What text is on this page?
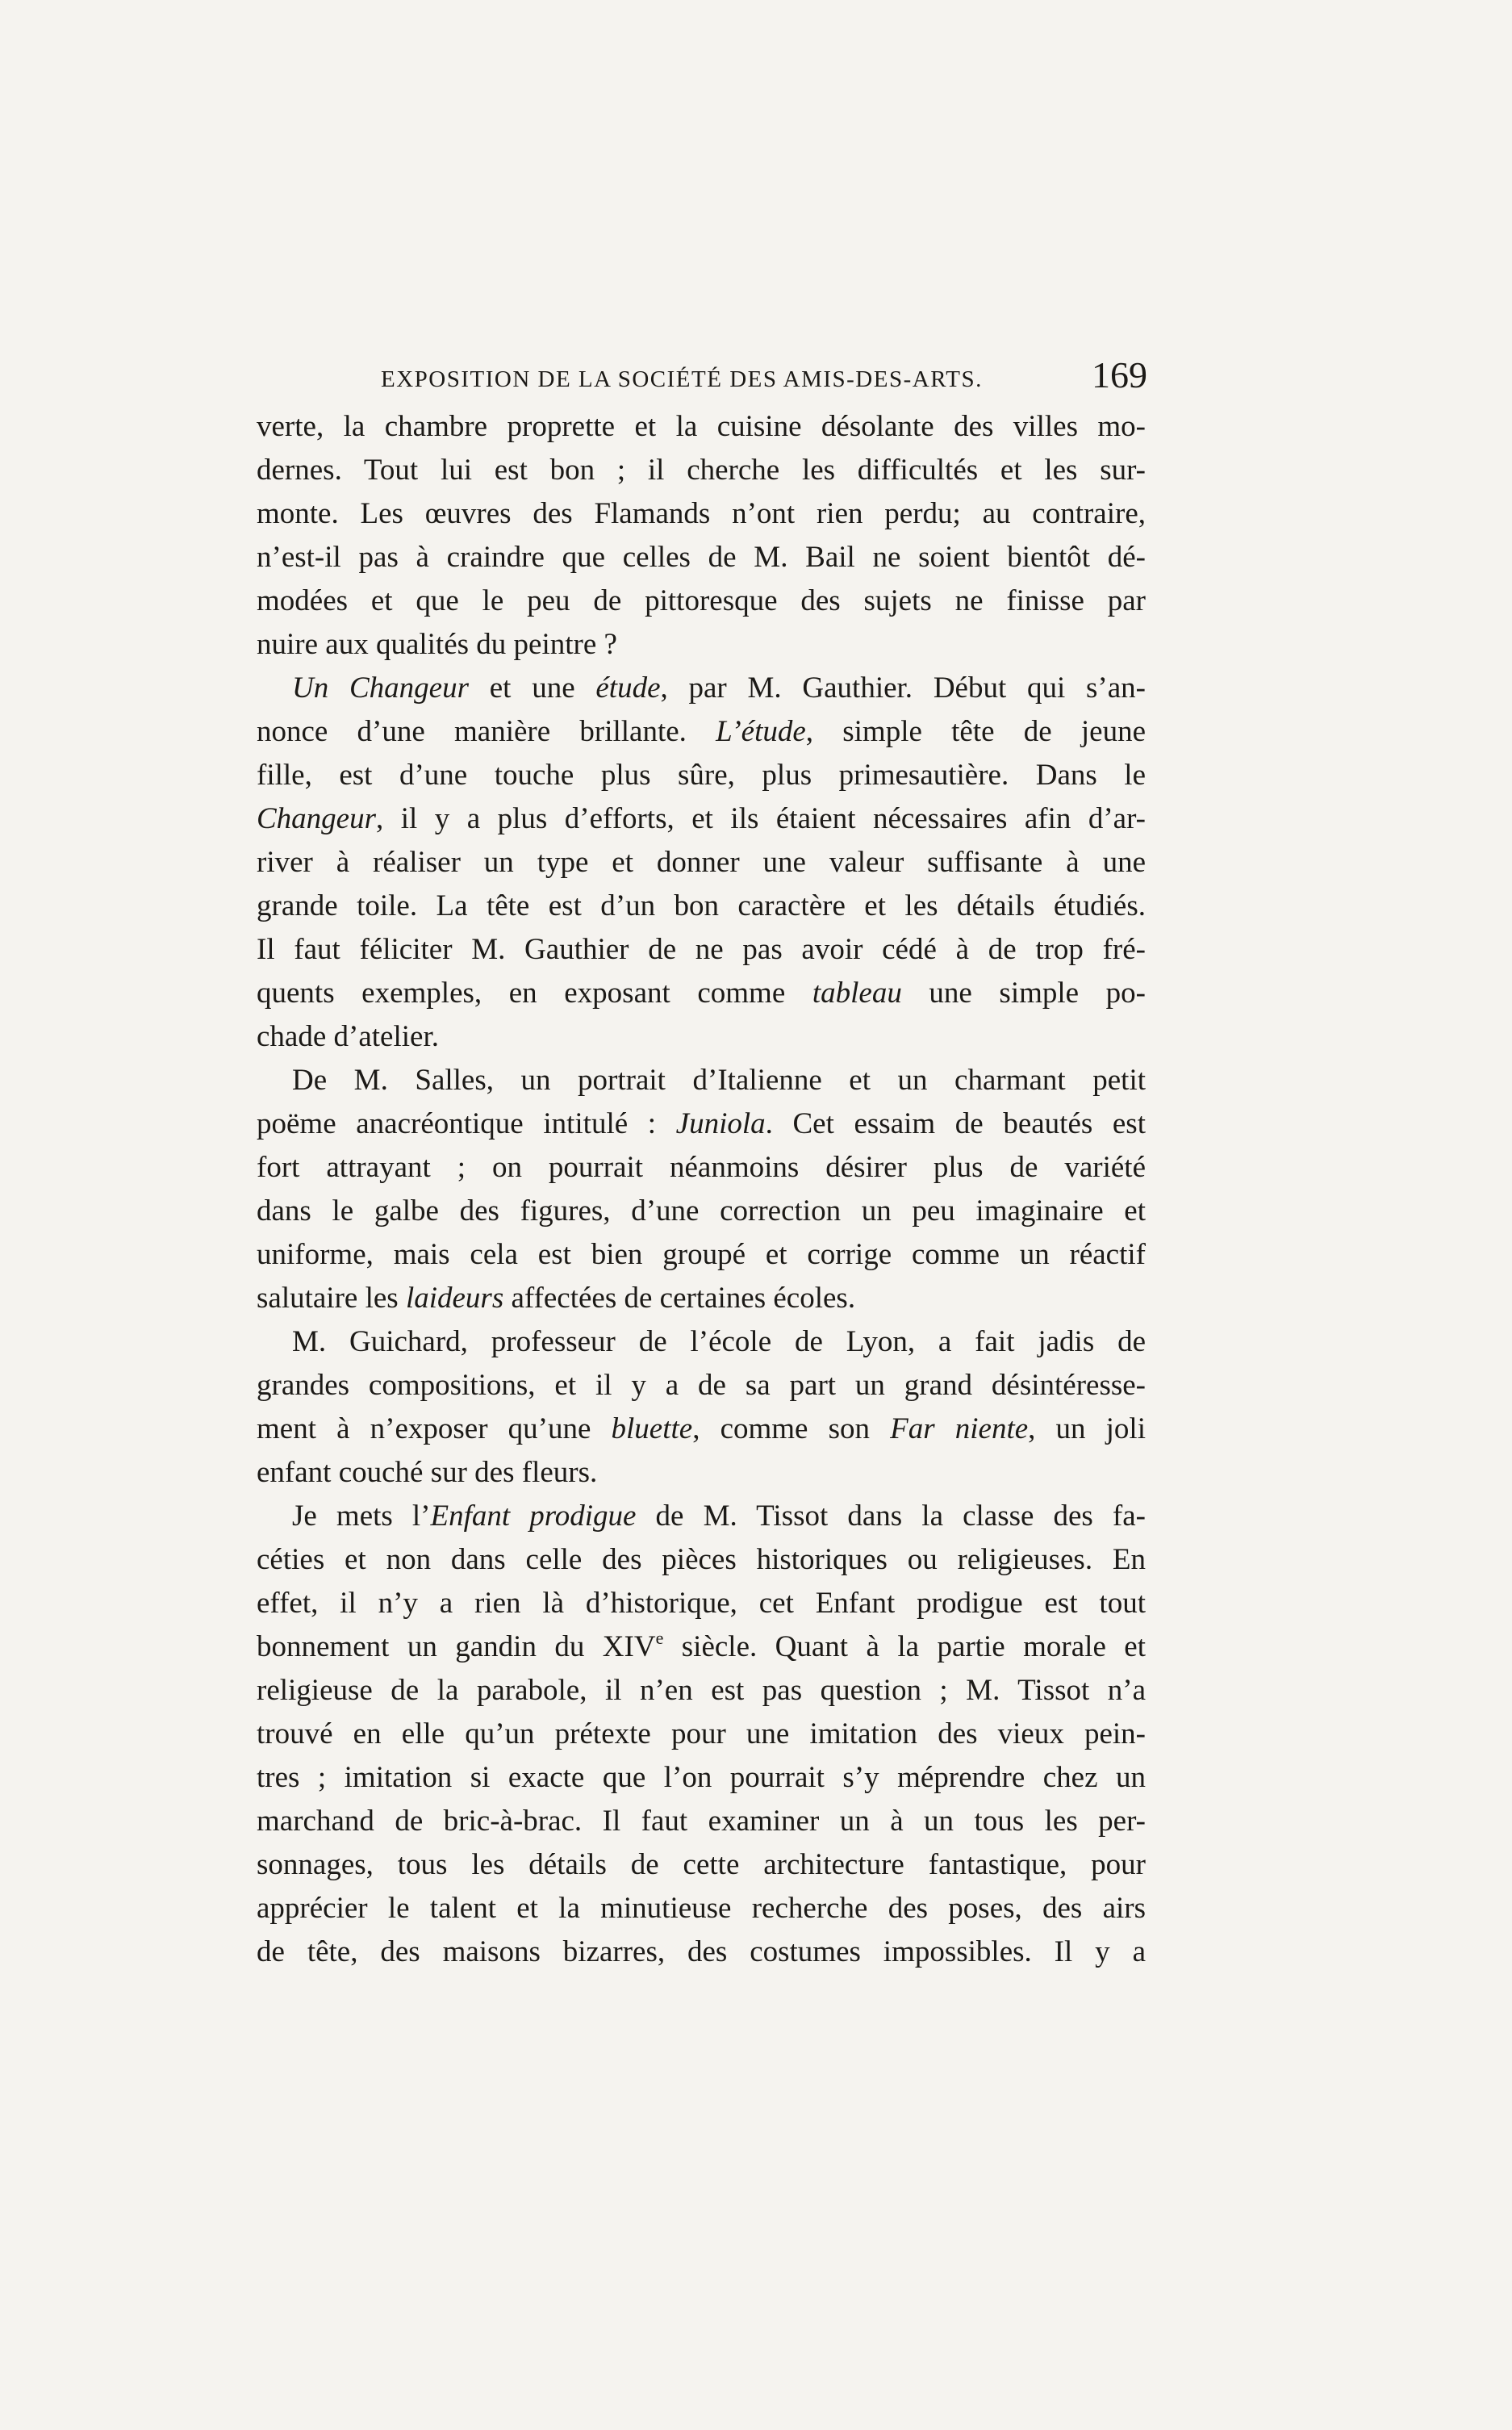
EXPOSITION DE LA SOCIÉTÉ DES AMIS-DES-ARTS.	169
verte, la chambre proprette et la cuisine désolante des villes mo-
dernes. Tout lui est bon ; il cherche les difficultés et les sur-
monte. Les œuvres des Flamands n’ont rien perdu; au contraire,
n’est-il pas à craindre que celles de M. Bail ne soient bientôt dé-
modées et que le peu de pittoresque des sujets ne finisse par
nuire aux qualités du peintre ?
Un Changeur et une étude, par M. Gauthier. Début qui s’an-
nonce d’une manière brillante. L’étude, simple tête de jeune
fille, est d’une touche plus sûre, plus primesautière. Dans le
Changeur, il y a plus d’efforts, et ils étaient nécessaires afin d’ar-
river à réaliser un type et donner une valeur suffisante à une
grande toile. La tête est d’un bon caractère et les détails étudiés.
Il faut féliciter M. Gauthier de ne pas avoir cédé à de trop fré-
quents exemples, en exposant comme tableau une simple po-
chade d’atelier.
De M. Salles, un portrait d’Italienne et un charmant petit
poëme anacréontique intitulé : Juniola. Cet essaim de beautés est
fort attrayant ; on pourrait néanmoins désirer plus de variété
dans le galbe des figures, d’une correction un peu imaginaire et
uniforme, mais cela est bien groupé et corrige comme un réactif
salutaire les laideurs affectées de certaines écoles.
M. Guichard, professeur de l’école de Lyon, a fait jadis de
grandes compositions, et il y a de sa part un grand désintéresse-
ment à n’exposer qu’une bluette, comme son Far niente, un joli
enfant couché sur des fleurs.
Je mets l’Enfant prodigue de M. Tissot dans la classe des fa-
céties et non dans celle des pièces historiques ou religieuses. En
effet, il n’y a rien là d’historique, cet Enfant prodigue est tout
bonnement un gandin du XIVe siècle. Quant à la partie morale et
religieuse de la parabole, il n’en est pas question ; M. Tissot n’a
trouvé en elle qu’un prétexte pour une imitation des vieux pein-
tres ; imitation si exacte que l’on pourrait s’y méprendre chez un
marchand de bric-à-brac. Il faut examiner un à un tous les per-
sonnages, tous les détails de cette architecture fantastique, pour
apprécier le talent et la minutieuse recherche des poses, des airs
de tête, des maisons bizarres, des costumes impossibles. Il y a
